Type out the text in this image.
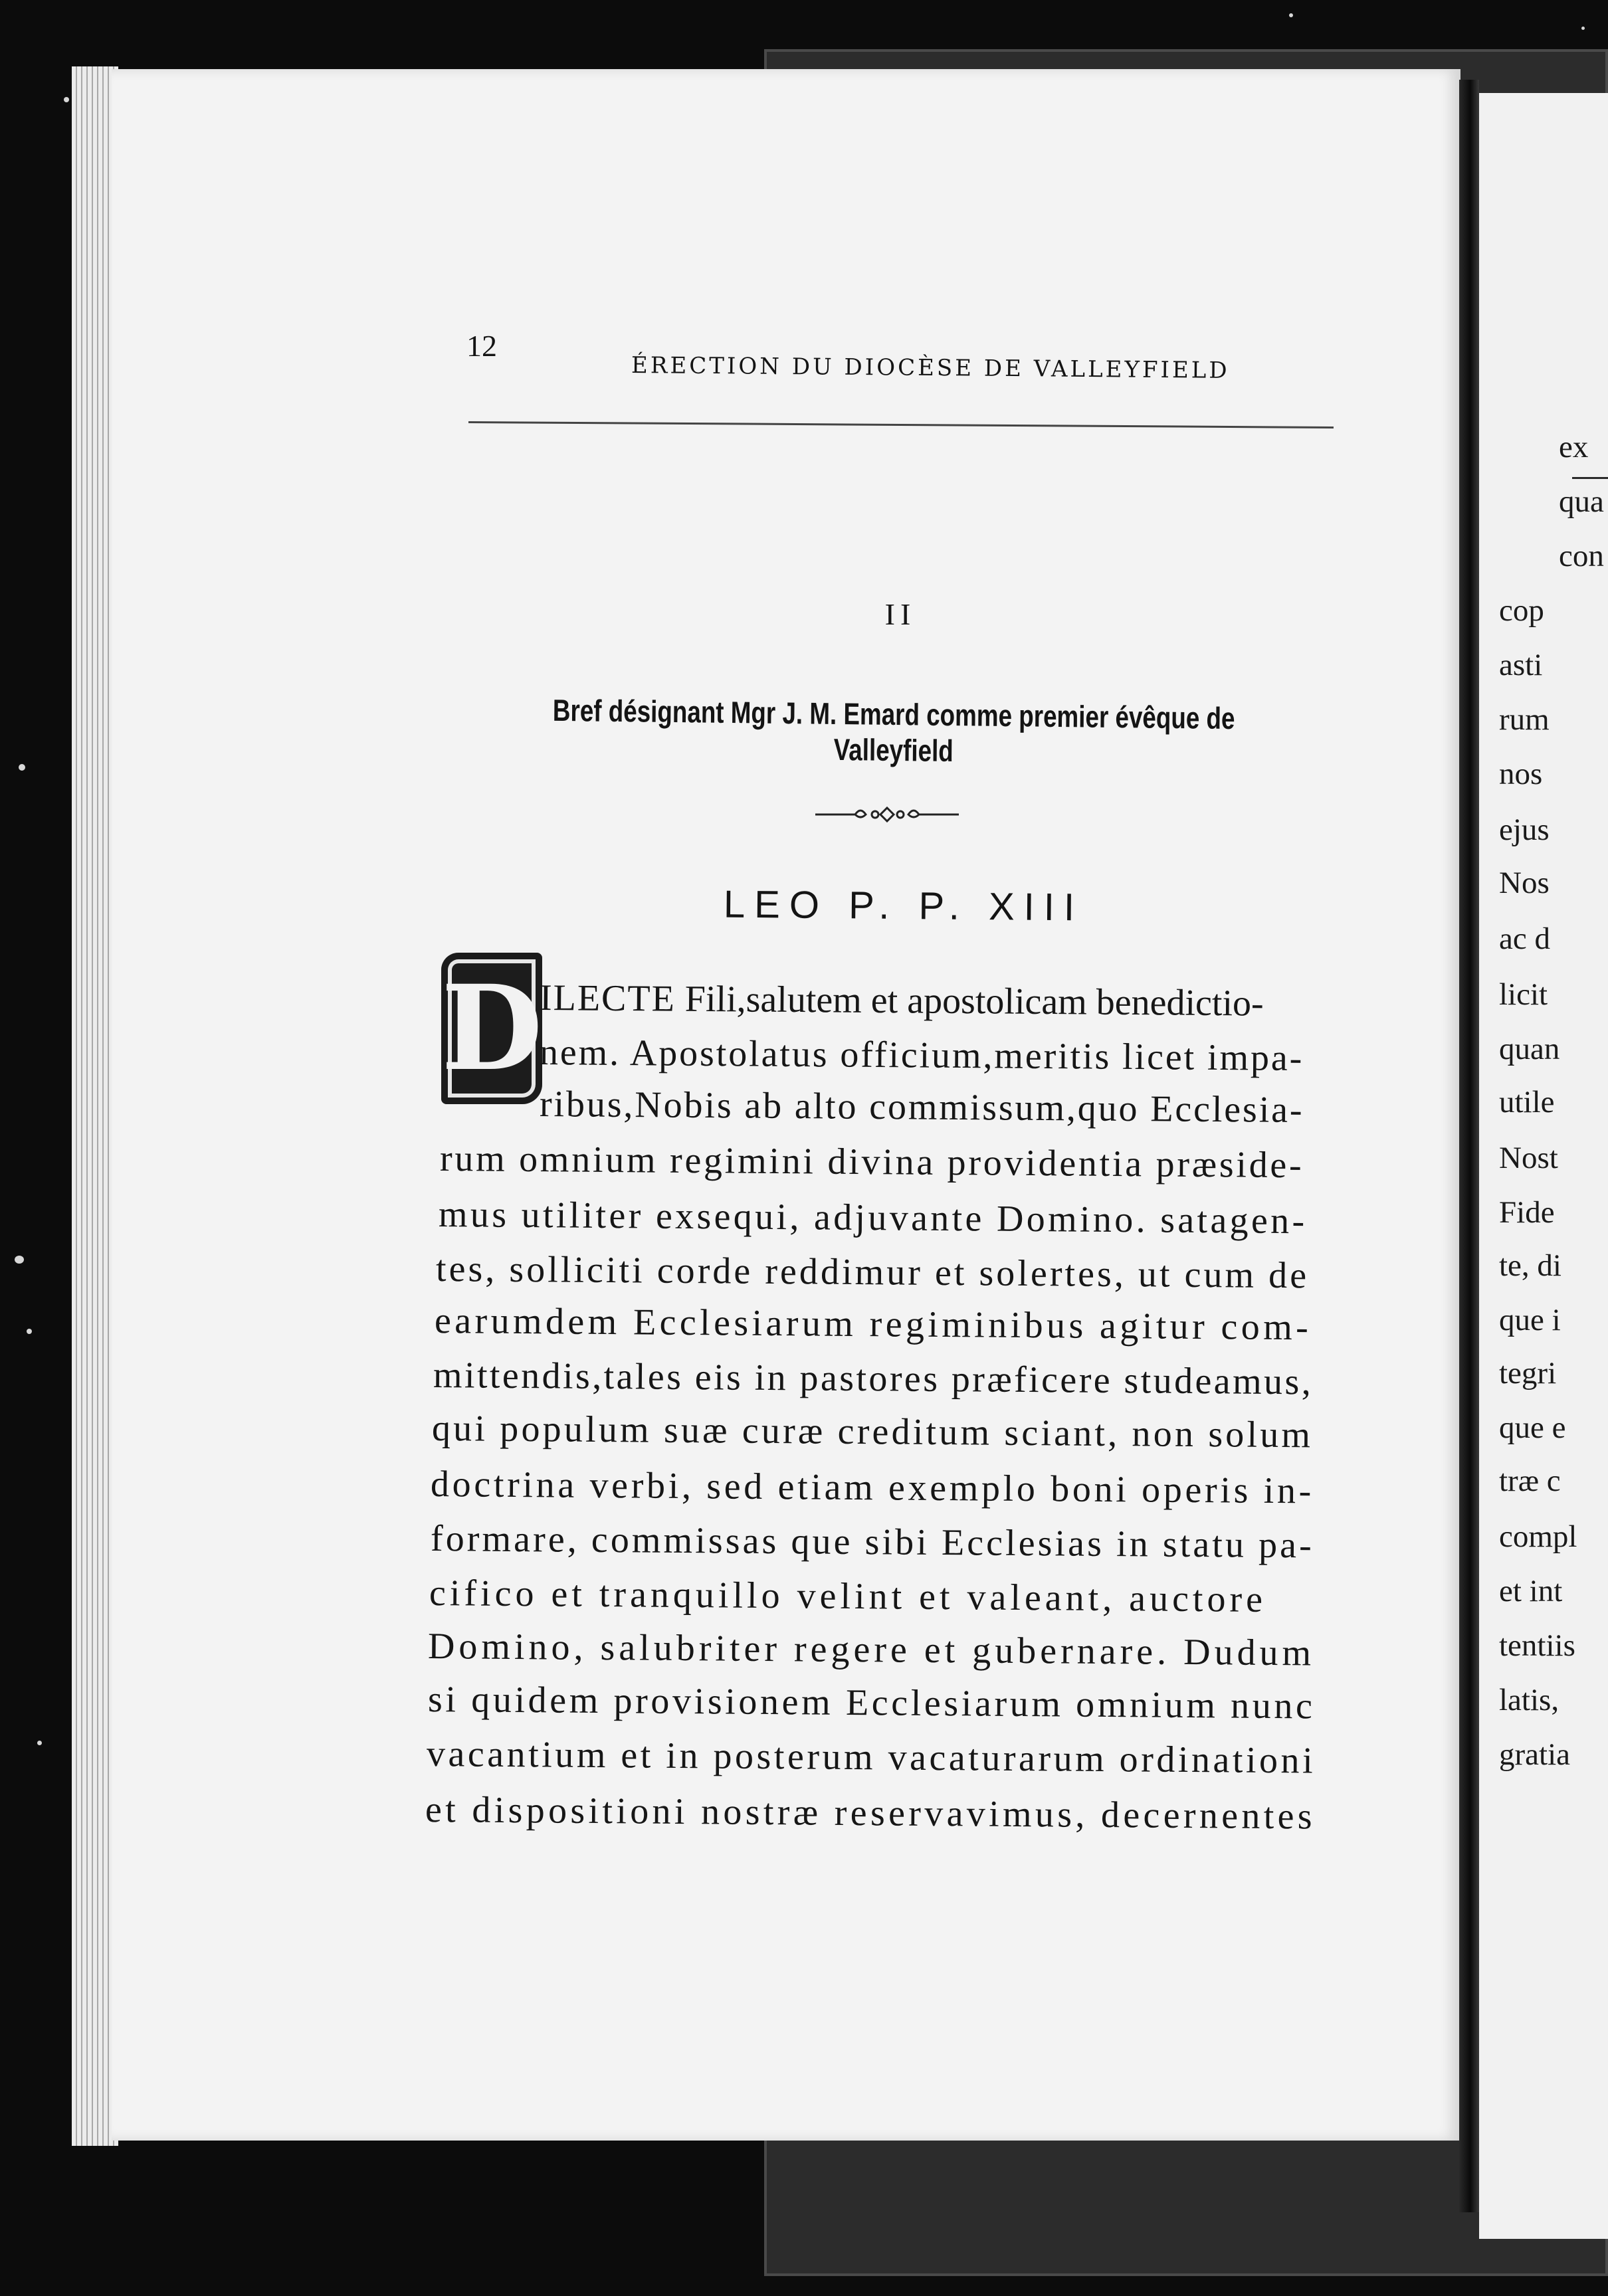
ex
qua
con
cop
asti
rum
nos
ejus
Nos
ac d
licit
quan
utile
Nost
Fide
te, di
que i
tegri
que e
træ c
compl
et int
tentiis
latis,
gratia
12
ÉRECTION DU DIOCÈSE DE VALLEYFIELD
II
Bref désignant Mgr J. M. Emard comme premier évêque de Valleyfield
LEO P. P. XIII
D
ILECTE Fili,salutem et apostolicam benedictio-
nem. Apostolatus officium,meritis licet impa-
ribus,Nobis ab alto commissum,quo Ecclesia-
rum omnium regimini divina providentia præside-
mus utiliter exsequi, adjuvante Domino. satagen-
tes, solliciti corde reddimur et solertes, ut cum de
earumdem Ecclesiarum regiminibus agitur com-
mittendis,tales eis in pastores præficere studeamus,
qui populum suæ curæ creditum sciant, non solum
doctrina verbi, sed etiam exemplo boni operis in-
formare, commissas que sibi Ecclesias in statu pa-
cifico et tranquillo velint et valeant, auctore
Domino, salubriter regere et gubernare. Dudum
si quidem provisionem Ecclesiarum omnium nunc
vacantium et in posterum vacaturarum ordinationi
et dispositioni nostræ reservavimus, decernentes
